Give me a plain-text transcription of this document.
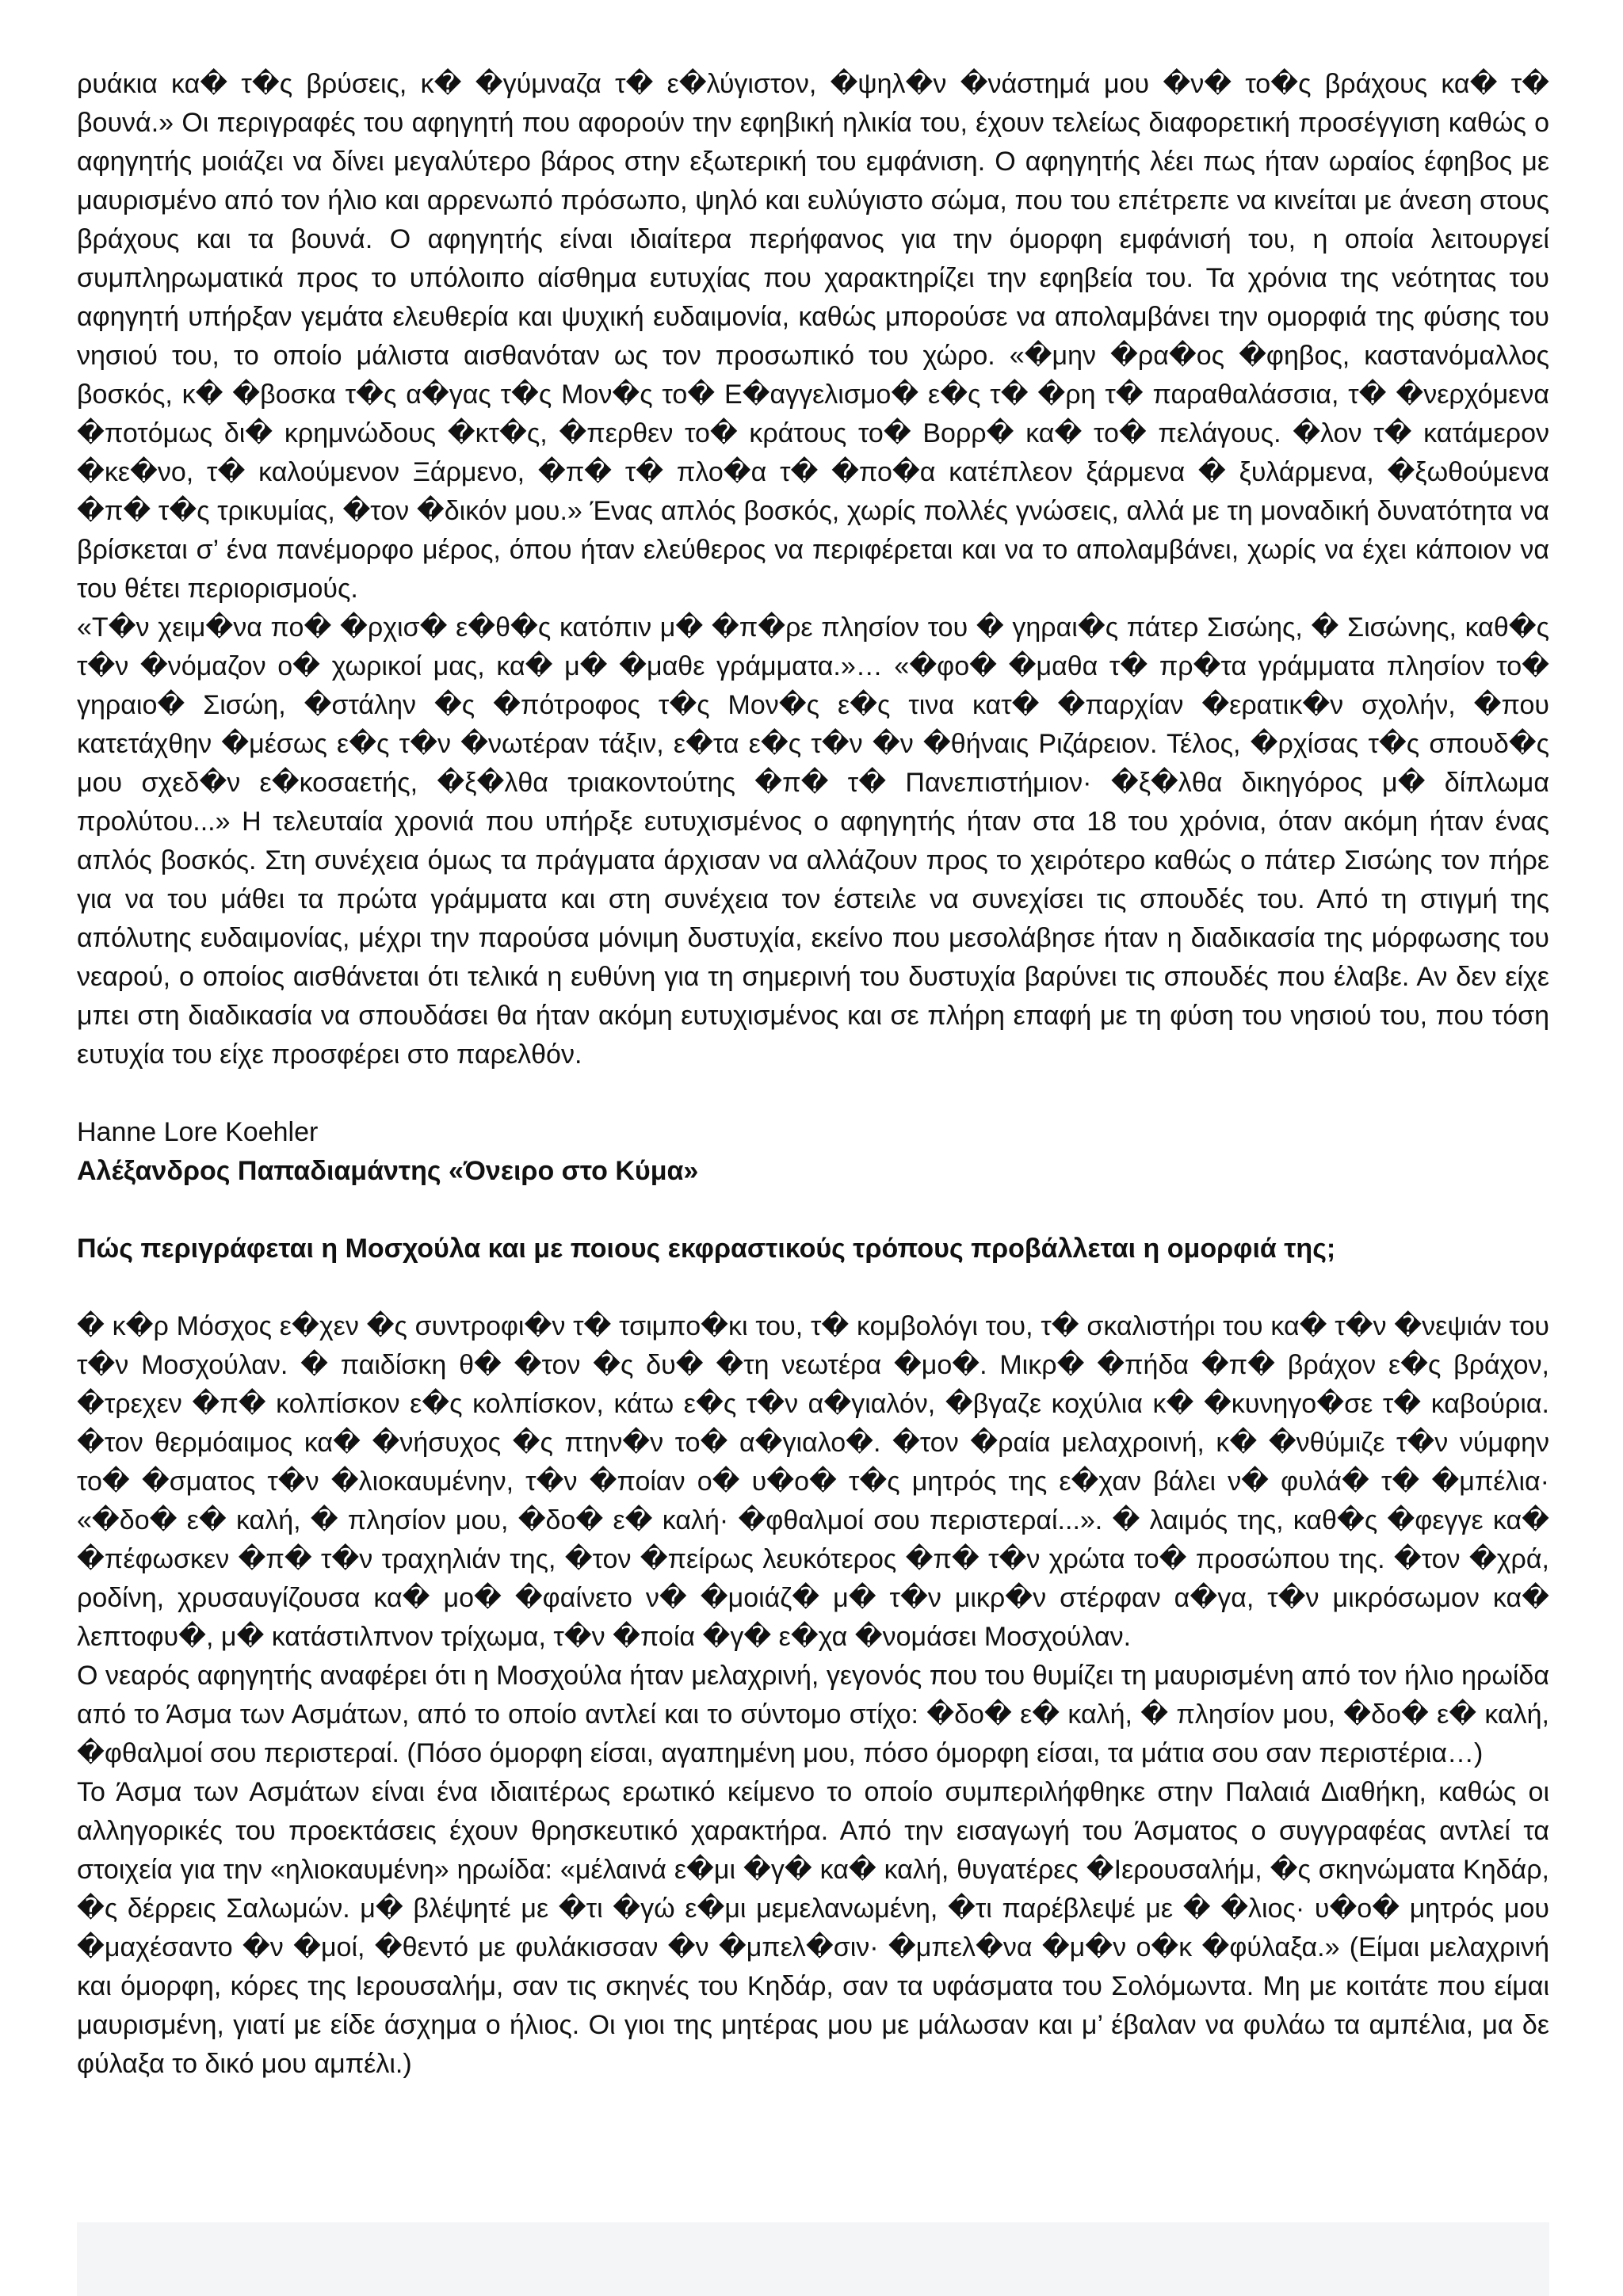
ρυάκια κα� τ�ς βρύσεις, κ� �γύμναζα τ� ε�λύγιστον, �ψηλ�ν �νάστημά μου �ν� το�ς βράχους κα� τ� βουνά.» Οι περιγραφές του αφηγητή που αφορούν την εφηβική ηλικία του, έχουν τελείως διαφορετική προσέγγιση καθώς ο αφηγητής μοιάζει να δίνει μεγαλύτερο βάρος στην εξωτερική του εμφάνιση. Ο αφηγητής λέει πως ήταν ωραίος έφηβος με μαυρισμένο από τον ήλιο και αρρενωπό πρόσωπο, ψηλό και ευλύγιστο σώμα, που του επέτρεπε να κινείται με άνεση στους βράχους και τα βουνά. Ο αφηγητής είναι ιδιαίτερα περήφανος για την όμορφη εμφάνισή του, η οποία λειτουργεί συμπληρωματικά προς το υπόλοιπο αίσθημα ευτυχίας που χαρακτηρίζει την εφηβεία του. Τα χρόνια της νεότητας του αφηγητή υπήρξαν γεμάτα ελευθερία και ψυχική ευδαιμονία, καθώς μπορούσε να απολαμβάνει την ομορφιά της φύσης του νησιού του, το οποίο μάλιστα αισθανόταν ως τον προσωπικό του χώρο. «�μην �ρα�ος �φηβος, καστανόμαλλος βοσκός, κ� �βοσκα τ�ς α�γας τ�ς Μον�ς το� Ε�αγγελισμο� ε�ς τ� �ρη τ� παραθαλάσσια, τ� �νερχόμενα �ποτόμως δι� κρημνώδους �κτ�ς, �περθεν το� κράτους το� Βορρ� κα� το� πελάγους. �λον τ� κατάμερον �κε�νο, τ� καλούμενον Ξάρμενο, �π� τ� πλο�α τ� �πο�α κατέπλεον ξάρμενα � ξυλάρμενα, �ξωθούμενα �π� τ�ς τρικυμίας, �τον �δικόν μου.» Ένας απλός βοσκός, χωρίς πολλές γνώσεις, αλλά με τη μοναδική δυνατότητα να βρίσκεται σ’ ένα πανέμορφο μέρος, όπου ήταν ελεύθερος να περιφέρεται και να το απολαμβάνει, χωρίς να έχει κάποιον να του θέτει περιορισμούς.

«Τ�ν χειμ�να πο� �ρχισ� ε�θ�ς κατόπιν μ� �π�ρε πλησίον του � γηραι�ς πάτερ Σισώης, � Σισώνης, καθ�ς τ�ν �νόμαζον ο� χωρικοί μας, κα� μ� �μαθε γράμματα.»… «�φο� �μαθα τ� πρ�τα γράμματα πλησίον το� γηραιο� Σισώη, �στάλην �ς �πότροφος τ�ς Μον�ς ε�ς τινα κατ� �παρχίαν �ερατικ�ν σχολήν, �που κατετάχθην �μέσως ε�ς τ�ν �νωτέραν τάξιν, ε�τα ε�ς τ�ν �ν �θήναις Ριζάρειον. Τέλος, �ρχίσας τ�ς σπουδ�ς μου σχεδ�ν ε�κοσαετής, �ξ�λθα τριακοντούτης �π� τ� Πανεπιστήμιον· �ξ�λθα δικηγόρος μ� δίπλωμα προλύτου...» Η τελευταία χρονιά που υπήρξε ευτυχισμένος ο αφηγητής ήταν στα 18 του χρόνια, όταν ακόμη ήταν ένας απλός βοσκός. Στη συνέχεια όμως τα πράγματα άρχισαν να αλλάζουν προς το χειρότερο καθώς ο πάτερ Σισώης τον πήρε για να του μάθει τα πρώτα γράμματα και στη συνέχεια τον έστειλε να συνεχίσει τις σπουδές του. Από τη στιγμή της απόλυτης ευδαιμονίας, μέχρι την παρούσα μόνιμη δυστυχία, εκείνο που μεσολάβησε ήταν η διαδικασία της μόρφωσης του νεαρού, ο οποίος αισθάνεται ότι τελικά η ευθύνη για τη σημερινή του δυστυχία βαρύνει τις σπουδές που έλαβε. Αν δεν είχε μπει στη διαδικασία να σπουδάσει θα ήταν ακόμη ευτυχισμένος και σε πλήρη επαφή με τη φύση του νησιού του, που τόση ευτυχία του είχε προσφέρει στο παρελθόν.

Hanne Lore Koehler

Αλέξανδρος Παπαδιαμάντης «Όνειρο στο Κύμα»

Πώς περιγράφεται η Μοσχούλα και με ποιους εκφραστικούς τρόπους προβάλλεται η ομορφιά της;

� κ�ρ Μόσχος ε�χεν �ς συντροφι�ν τ� τσιμπο�κι του, τ� κομβολόγι του, τ� σκαλιστήρι του κα� τ�ν �νεψιάν του τ�ν Μοσχούλαν. � παιδίσκη θ� �τον �ς δυ� �τη νεωτέρα �μο�. Μικρ� �πήδα �π� βράχον ε�ς βράχον, �τρεχεν �π� κολπίσκον ε�ς κολπίσκον, κάτω ε�ς τ�ν α�γιαλόν, �βγαζε κοχύλια κ� �κυνηγο�σε τ� καβούρια. �τον θερμόαιμος κα� �νήσυχος �ς πτην�ν το� α�γιαλο�. �τον �ραία μελαχροινή, κ� �νθύμιζε τ�ν νύμφην το� �σματος τ�ν �λιοκαυμένην, τ�ν �ποίαν ο� υ�ο� τ�ς μητρός της ε�χαν βάλει ν� φυλά� τ� �μπέλια· «�δο� ε� καλή, � πλησίον μου, �δο� ε� καλή· �φθαλμοί σου περιστεραί...». � λαιμός της, καθ�ς �φεγγε κα� �πέφωσκεν �π� τ�ν τραχηλιάν της, �τον �πείρως λευκότερος �π� τ�ν χρώτα το� προσώπου της. �τον �χρά, ροδίνη, χρυσαυγίζουσα κα� μο� �φαίνετο ν� �μοιάζ� μ� τ�ν μικρ�ν στέρφαν α�γα, τ�ν μικρόσωμον κα� λεπτοφυ�, μ� κατάστιλπνον τρίχωμα, τ�ν �ποία �γ� ε�χα �νομάσει Μοσχούλαν.

Ο νεαρός αφηγητής αναφέρει ότι η Μοσχούλα ήταν μελαχρινή, γεγονός που του θυμίζει τη μαυρισμένη από τον ήλιο ηρωίδα από το Άσμα των Ασμάτων, από το οποίο αντλεί και το σύντομο στίχο: �δο� ε� καλή, � πλησίον μου, �δο� ε� καλή, �φθαλμοί σου περιστεραί. (Πόσο όμορφη είσαι, αγαπημένη μου, πόσο όμορφη είσαι, τα μάτια σου σαν περιστέρια…)

Το Άσμα των Ασμάτων είναι ένα ιδιαιτέρως ερωτικό κείμενο το οποίο συμπεριλήφθηκε στην Παλαιά Διαθήκη, καθώς οι αλληγορικές του προεκτάσεις έχουν θρησκευτικό χαρακτήρα. Από την εισαγωγή του Άσματος ο συγγραφέας αντλεί τα στοιχεία για την «ηλιοκαυμένη» ηρωίδα: «μέλαινά ε�μι �γ� κα� καλή, θυγατέρες �Ιερουσαλήμ, �ς σκηνώματα Κηδάρ, �ς δέρρεις Σαλωμών. μ� βλέψητέ με �τι �γώ ε�μι μεμελανωμένη, �τι παρέβλεψέ με � �λιος· υ�ο� μητρός μου �μαχέσαντο �ν �μοί, �θεντό με φυλάκισσαν �ν �μπελ�σιν· �μπελ�να �μ�ν ο�κ �φύλαξα.» (Είμαι μελαχρινή και όμορφη, κόρες της Ιερουσαλήμ, σαν τις σκηνές του Κηδάρ, σαν τα υφάσματα του Σολόμωντα. Μη με κοιτάτε που είμαι μαυρισμένη, γιατί με είδε άσχημα ο ήλιος. Οι γιοι της μητέρας μου με μάλωσαν και μ’ έβαλαν να φυλάω τα αμπέλια, μα δε φύλαξα το δικό μου αμπέλι.)
